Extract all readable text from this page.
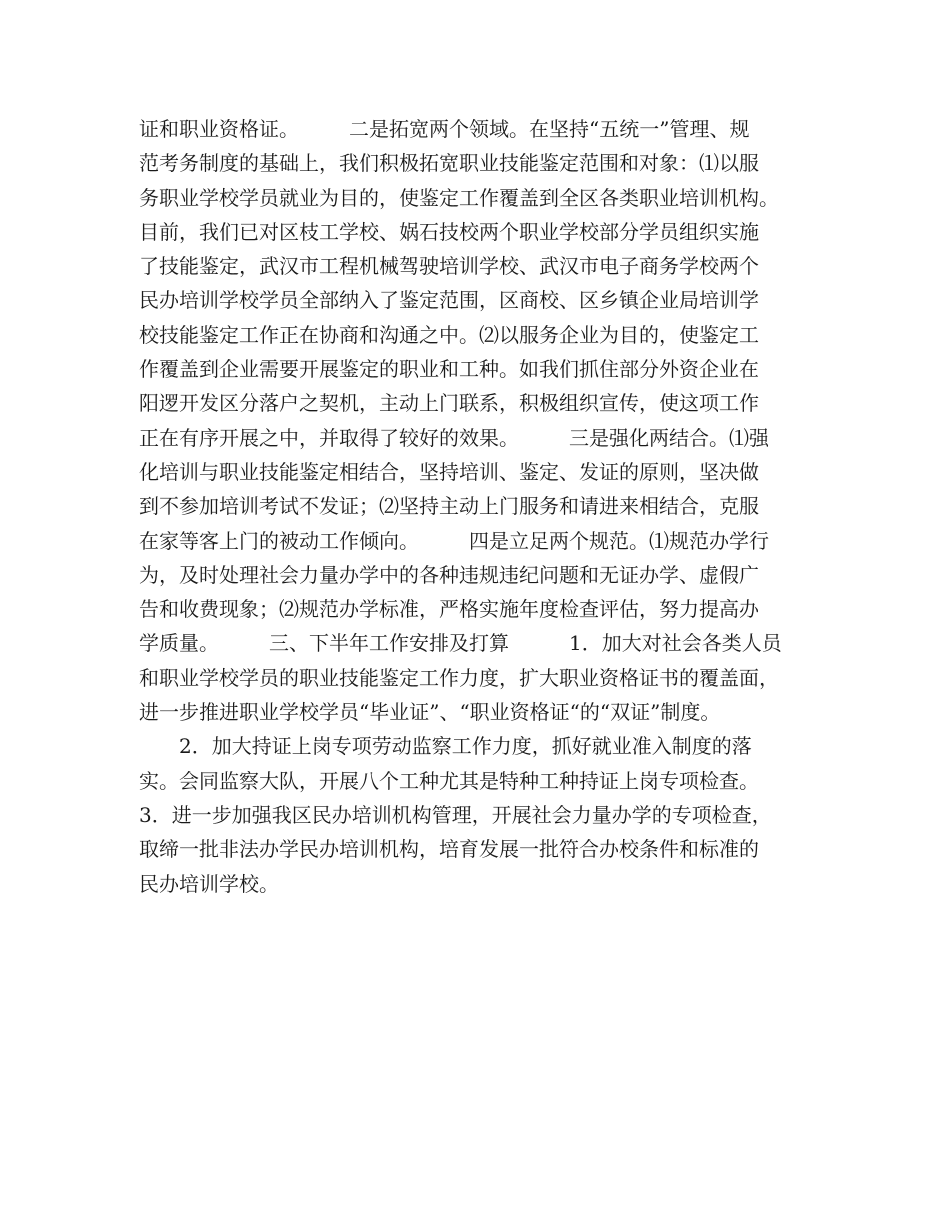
证和职业资格证。　　　二是拓宽两个领域。在坚持“五统一”管理、规
范考务制度的基础上，我们积极拓宽职业技能鉴定范围和对象：⑴以服
务职业学校学员就业为目的，使鉴定工作覆盖到全区各类职业培训机构。
目前，我们已对区枝工学校、娲石技校两个职业学校部分学员组织实施
了技能鉴定，武汉市工程机械驾驶培训学校、武汉市电子商务学校两个
民办培训学校学员全部纳入了鉴定范围，区商校、区乡镇企业局培训学
校技能鉴定工作正在协商和沟通之中。⑵以服务企业为目的，使鉴定工
作覆盖到企业需要开展鉴定的职业和工种。如我们抓住部分外资企业在
阳逻开发区分落户之契机，主动上门联系，积极组织宣传，使这项工作
正在有序开展之中，并取得了较好的效果。　　　三是强化两结合。⑴强
化培训与职业技能鉴定相结合，坚持培训、鉴定、发证的原则，坚决做
到不参加培训考试不发证；⑵坚持主动上门服务和请进来相结合，克服
在家等客上门的被动工作倾向。　　　四是立足两个规范。⑴规范办学行
为，及时处理社会力量办学中的各种违规违纪问题和无证办学、虚假广
告和收费现象；⑵规范办学标准，严格实施年度检查评估，努力提高办
学质量。　　　三、下半年工作安排及打算　　　1．加大对社会各类人员
和职业学校学员的职业技能鉴定工作力度，扩大职业资格证书的覆盖面，
进一步推进职业学校学员“毕业证”、“职业资格证“的“双证”制度。
　　2．加大持证上岗专项劳动监察工作力度，抓好就业准入制度的落
实。会同监察大队，开展八个工种尤其是特种工种持证上岗专项检查。
3．进一步加强我区民办培训机构管理，开展社会力量办学的专项检查，
取缔一批非法办学民办培训机构，培育发展一批符合办校条件和标准的
民办培训学校。
